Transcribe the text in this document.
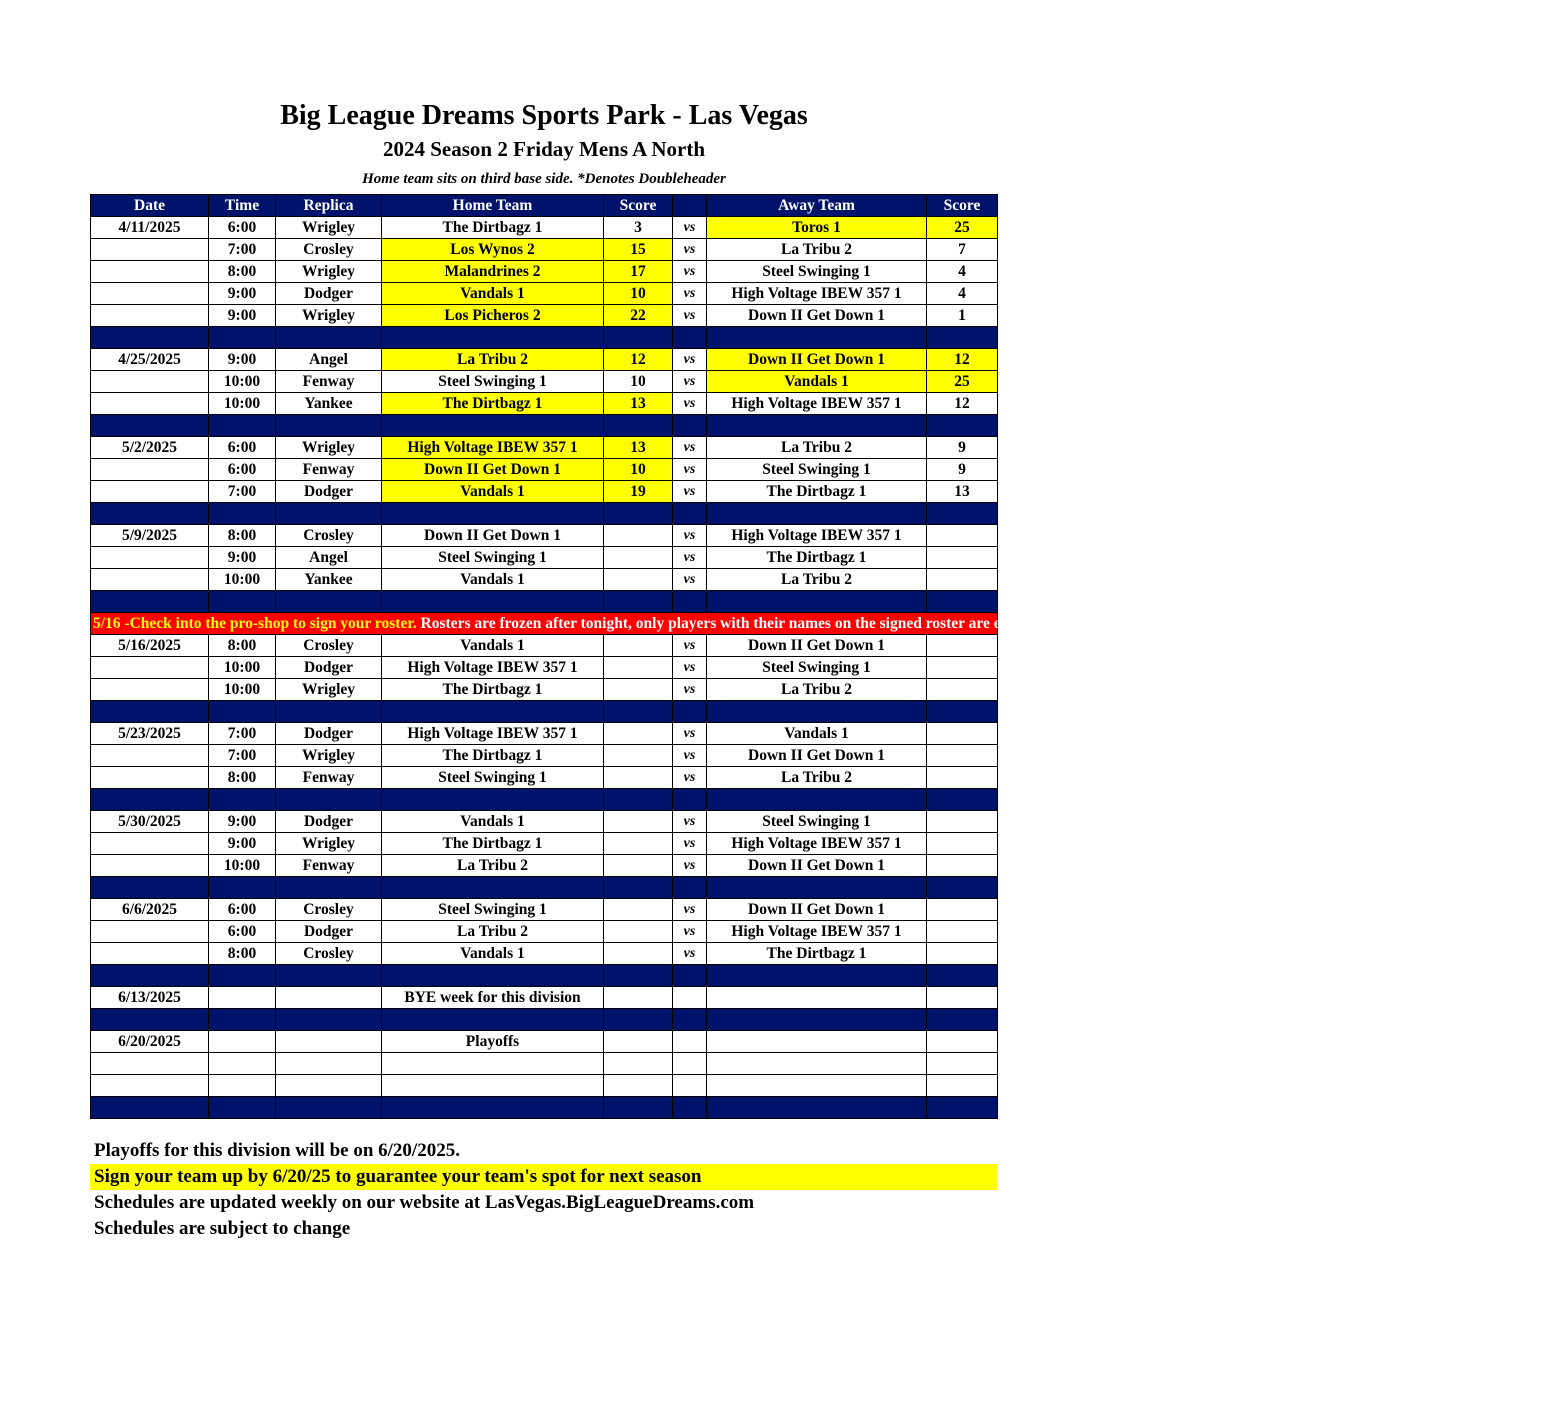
Big League Dreams Sports Park - Las Vegas
2024 Season 2 Friday Mens A North
Home team sits on third base side. *Denotes Doubleheader
Date	Time	Replica	Home Team	Score		Away Team	Score
4/11/2025	6:00	Wrigley	The Dirtbagz 1	3	vs	Toros 1	25
	7:00	Crosley	Los Wynos 2	15	vs	La Tribu 2	7
	8:00	Wrigley	Malandrines 2	17	vs	Steel Swinging 1	4
	9:00	Dodger	Vandals 1	10	vs	High Voltage IBEW 357 1	4
	9:00	Wrigley	Los Picheros 2	22	vs	Down II Get Down 1	1

4/25/2025	9:00	Angel	La Tribu 2	12	vs	Down II Get Down 1	12
	10:00	Fenway	Steel Swinging 1	10	vs	Vandals 1	25
	10:00	Yankee	The Dirtbagz 1	13	vs	High Voltage IBEW 357 1	12

5/2/2025	6:00	Wrigley	High Voltage IBEW 357 1	13	vs	La Tribu 2	9
	6:00	Fenway	Down II Get Down 1	10	vs	Steel Swinging 1	9
	7:00	Dodger	Vandals 1	19	vs	The Dirtbagz 1	13

5/9/2025	8:00	Crosley	Down II Get Down 1		vs	High Voltage IBEW 357 1	
	9:00	Angel	Steel Swinging 1		vs	The Dirtbagz 1	
	10:00	Yankee	Vandals 1		vs	La Tribu 2	

5/16 -Check into the pro-shop to sign your roster. Rosters are frozen after tonight, only players with their names on the signed roster are eligible for playoffs. Please check carefully as changes will not be made for omissions.							
5/16/2025	8:00	Crosley	Vandals 1		vs	Down II Get Down 1	
	10:00	Dodger	High Voltage IBEW 357 1		vs	Steel Swinging 1	
	10:00	Wrigley	The Dirtbagz 1		vs	La Tribu 2	

5/23/2025	7:00	Dodger	High Voltage IBEW 357 1		vs	Vandals 1	
	7:00	Wrigley	The Dirtbagz 1		vs	Down II Get Down 1	
	8:00	Fenway	Steel Swinging 1		vs	La Tribu 2	

5/30/2025	9:00	Dodger	Vandals 1		vs	Steel Swinging 1	
	9:00	Wrigley	The Dirtbagz 1		vs	High Voltage IBEW 357 1	
	10:00	Fenway	La Tribu 2		vs	Down II Get Down 1	

6/6/2025	6:00	Crosley	Steel Swinging 1		vs	Down II Get Down 1	
	6:00	Dodger	La Tribu 2		vs	High Voltage IBEW 357 1	
	8:00	Crosley	Vandals 1		vs	The Dirtbagz 1	

6/13/2025			BYE week for this division				

6/20/2025			Playoffs				

Playoffs for this division will be on 6/20/2025.
Sign your team up by 6/20/25 to guarantee your team's spot for next season
Schedules are updated weekly on our website at LasVegas.BigLeagueDreams.com
Schedules are subject to change
